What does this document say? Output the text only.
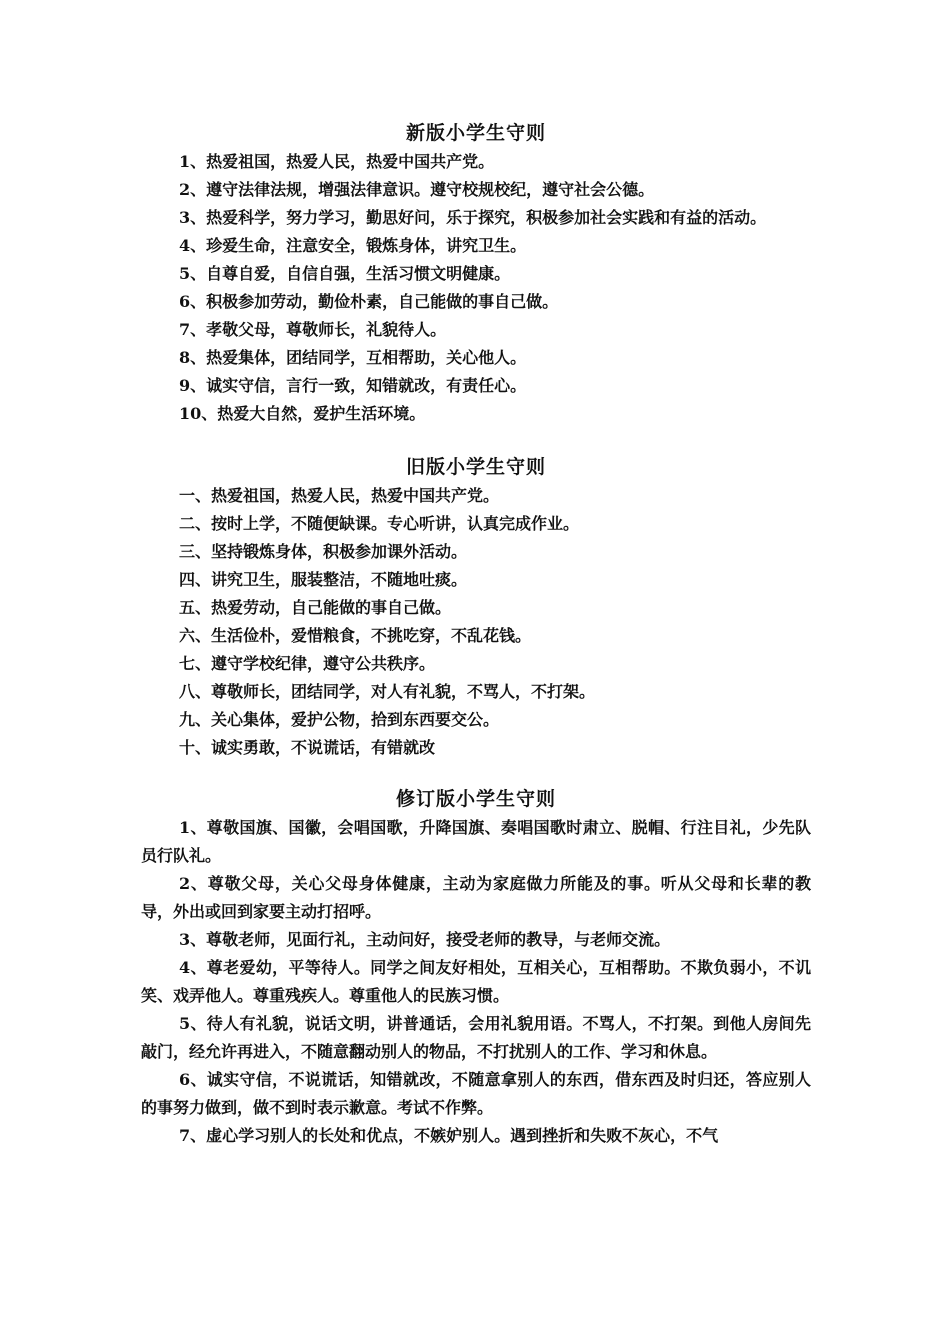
新版小学生守则

1、热爱祖国，热爱人民，热爱中国共产党。

2、遵守法律法规，增强法律意识。遵守校规校纪，遵守社会公德。

3、热爱科学，努力学习，勤思好问，乐于探究，积极参加社会实践和有益的活动。

4、珍爱生命，注意安全，锻炼身体，讲究卫生。

5、自尊自爱，自信自强，生活习惯文明健康。

6、积极参加劳动，勤俭朴素，自己能做的事自己做。

7、孝敬父母，尊敬师长，礼貌待人。

8、热爱集体，团结同学，互相帮助，关心他人。

9、诚实守信，言行一致，知错就改，有责任心。

10、热爱大自然，爱护生活环境。

旧版小学生守则

一、热爱祖国，热爱人民，热爱中国共产党。

二、按时上学，不随便缺课。专心听讲，认真完成作业。

三、坚持锻炼身体，积极参加课外活动。

四、讲究卫生，服装整洁，不随地吐痰。

五、热爱劳动，自己能做的事自己做。

六、生活俭朴，爱惜粮食，不挑吃穿，不乱花钱。

七、遵守学校纪律，遵守公共秩序。

八、尊敬师长，团结同学，对人有礼貌，不骂人，不打架。

九、关心集体，爱护公物，拾到东西要交公。

十、诚实勇敢，不说谎话，有错就改

修订版小学生守则

1、尊敬国旗、国徽，会唱国歌，升降国旗、奏唱国歌时肃立、脱帽、行注目礼，少先队员行队礼。

2、尊敬父母，关心父母身体健康，主动为家庭做力所能及的事。听从父母和长辈的教导，外出或回到家要主动打招呼。

3、尊敬老师，见面行礼，主动问好，接受老师的教导，与老师交流。

4、尊老爱幼，平等待人。同学之间友好相处，互相关心，互相帮助。不欺负弱小，不讥笑、戏弄他人。尊重残疾人。尊重他人的民族习惯。

5、待人有礼貌，说话文明，讲普通话，会用礼貌用语。不骂人，不打架。到他人房间先敲门，经允许再进入，不随意翻动别人的物品，不打扰别人的工作、学习和休息。

6、诚实守信，不说谎话，知错就改，不随意拿别人的东西，借东西及时归还，答应别人的事努力做到，做不到时表示歉意。考试不作弊。

7、虚心学习别人的长处和优点，不嫉妒别人。遇到挫折和失败不灰心，不气
